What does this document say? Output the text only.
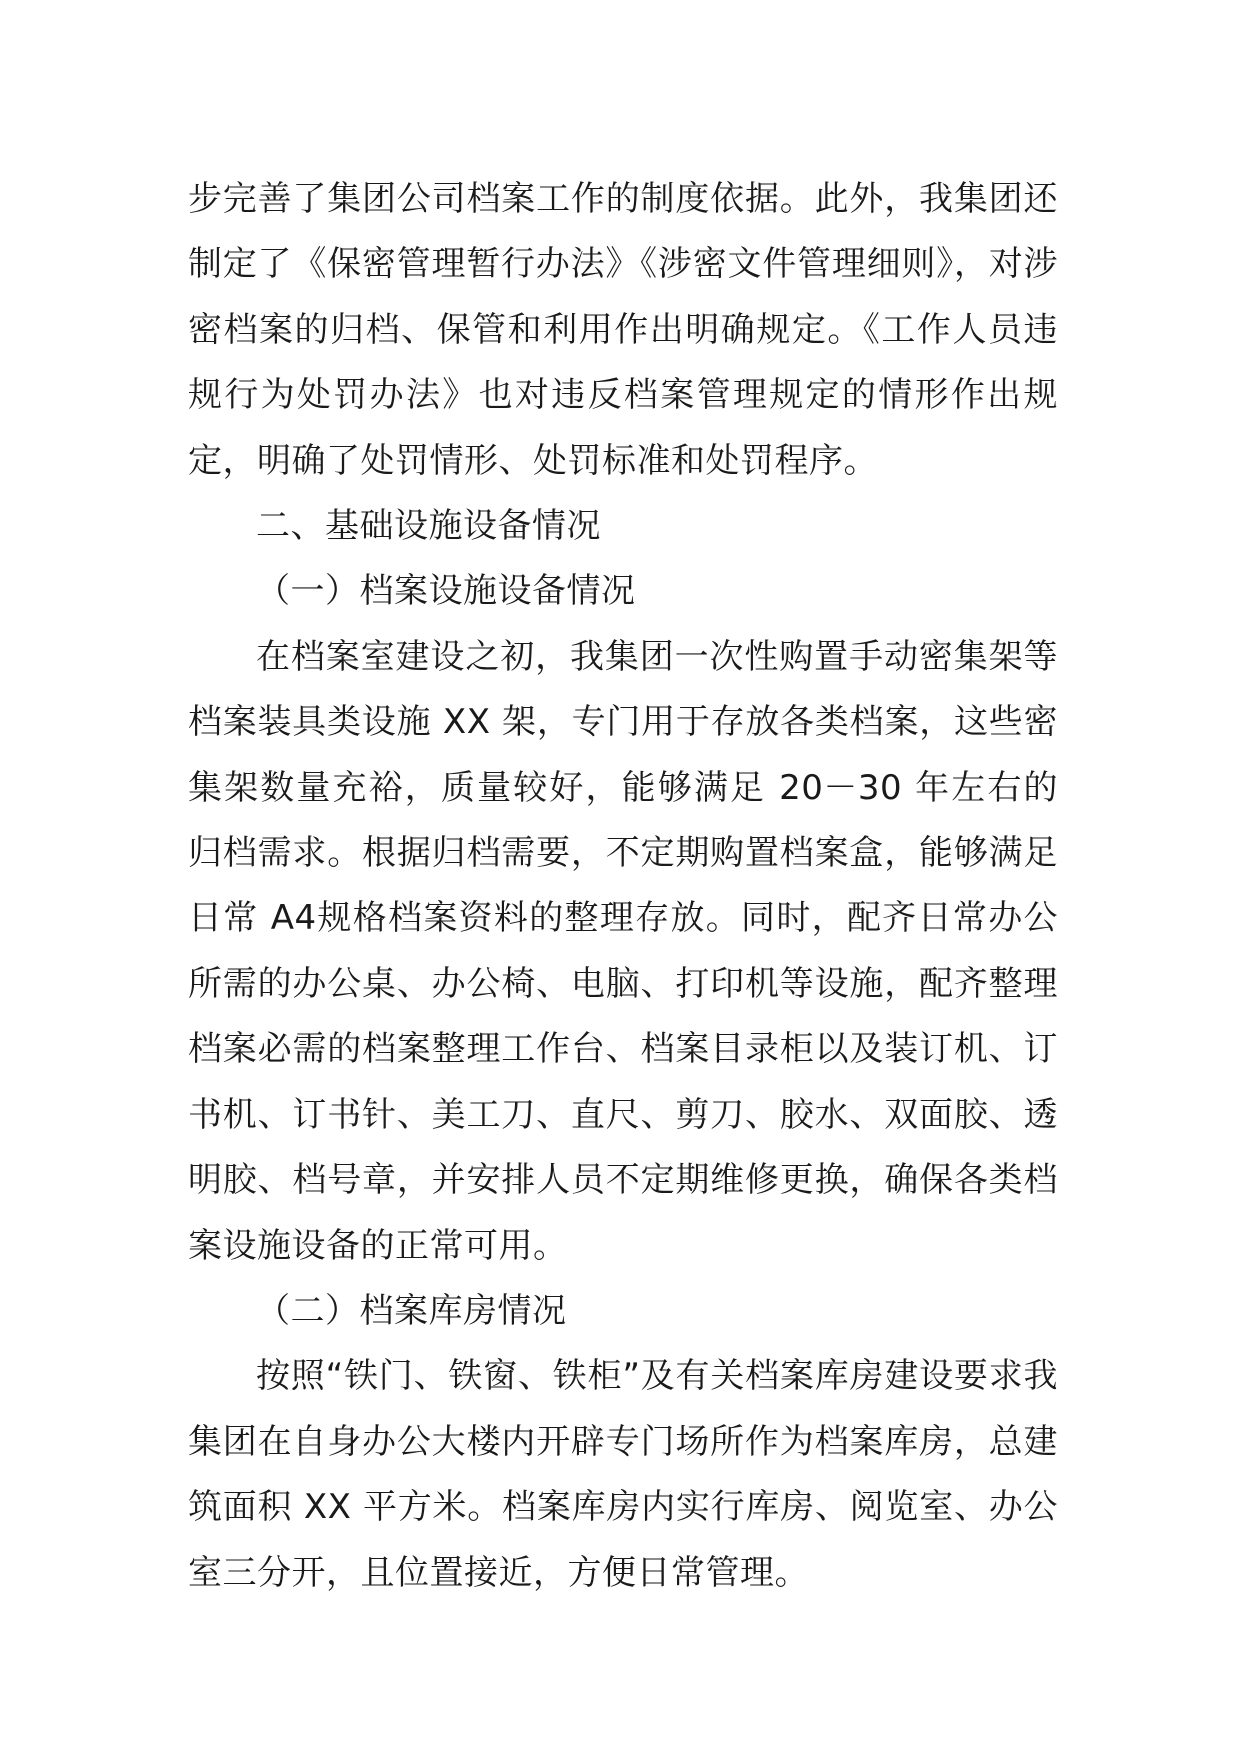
步完善了集团公司档案工作的制度依据。此外，我集团还制定了《保密管理暂行办法》《涉密文件管理细则》，对涉密档案的归档、保管和利用作出明确规定。《工作人员违规行为处罚办法》也对违反档案管理规定的情形作出规定，明确了处罚情形、处罚标准和处罚程序。

二、基础设施设备情况

（一）档案设施设备情况

在档案室建设之初，我集团一次性购置手动密集架等档案装具类设施 XX 架，专门用于存放各类档案，这些密集架数量充裕，质量较好，能够满足 20－30 年左右的归档需求。根据归档需要，不定期购置档案盒，能够满足日常 A4规格档案资料的整理存放。同时，配齐日常办公所需的办公桌、办公椅、电脑、打印机等设施，配齐整理档案必需的档案整理工作台、档案目录柜以及装订机、订书机、订书针、美工刀、直尺、剪刀、胶水、双面胶、透明胶、档号章，并安排人员不定期维修更换，确保各类档案设施设备的正常可用。

（二）档案库房情况

按照“铁门、铁窗、铁柜”及有关档案库房建设要求我集团在自身办公大楼内开辟专门场所作为档案库房，总建筑面积 XX 平方米。档案库房内实行库房、阅览室、办公室三分开，且位置接近，方便日常管理。
